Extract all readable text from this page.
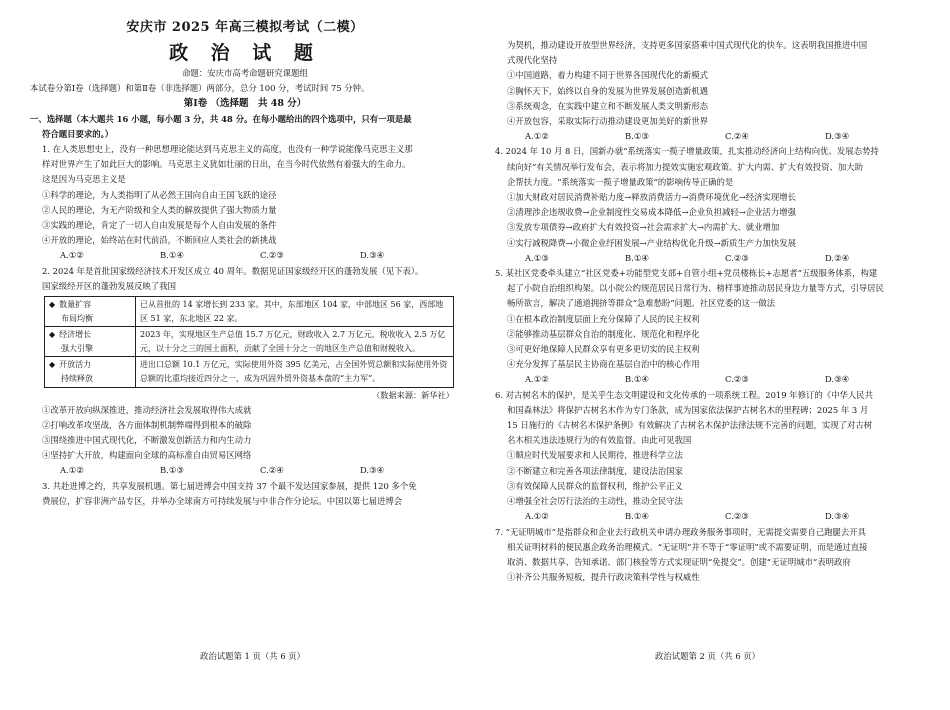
安庆市 2025 年高三模拟考试（二模）
政 治 试 题
命题：安庆市高考命题研究课题组
本试卷分第Ⅰ卷（选择题）和第Ⅱ卷（非选择题）两部分，总分 100 分，考试时间 75 分钟。
第Ⅰ卷 （选择题　共 48 分）
一、选择题（本大题共 16 小题，每小题 3 分，共 48 分。在每小题给出的四个选项中，只有一项是最
符合题目要求的。）
1. 在人类思想史上，没有一种思想理论能达到马克思主义的高度，也没有一种学说能像马克思主义那
样对世界产生了如此巨大的影响。马克思主义犹如壮丽的日出，在当今时代依然有着强大的生命力。
这是因为马克思主义是
①科学的理论，为人类指明了从必然王国向自由王国飞跃的途径
②人民的理论，为无产阶级和全人类的解放提供了强大物质力量
③实践的理论，肯定了一切人自由发展是每个人自由发展的条件
④开放的理论，始终站在时代前沿，不断回应人类社会的新挑战
A.①②	B.①④	C.②③	D.③④
2. 2024 年是首批国家级经济技术开发区成立 40 周年。数据见证国家级经开区的蓬勃发展（见下表）。
国家级经开区的蓬勃发展反映了我国
◆ 数量扩容
布局均衡	已从首批的 14 家增长到 233 家。其中，东部地区 104 家，中部地区 56 家，西部地区 51 家，东北地区 22 家。
◆ 经济增长
强大引擎	2023 年，实现地区生产总值 15.7 万亿元，财政收入 2.7 万亿元，税收收入 2.5 万亿元，以十分之三的国土面积，贡献了全国十分之一的地区生产总值和财税收入。
◆ 开放活力
持续释放	进出口总额 10.1 万亿元，实际使用外资 395 亿美元，占全国外贸总额和实际使用外资总额的比重均接近四分之一，成为巩固外贸外资基本盘的“主力军”。
（数据来源：新华社）
①改革开放向纵深推进，推动经济社会发展取得伟大成就
②打响改革攻坚战，各方面体制机制弊端得到根本的破除
③围绕推进中国式现代化，不断激发创新活力和内生动力
④坚持扩大开放，构建面向全球的高标准自由贸易区网络
A.①②	B.①③	C.②④	D.③④
3. 共赴进博之约，共享发展机遇。第七届进博会中国支持 37 个最不发达国家参展，提供 120 多个免
费展位，扩容非洲产品专区，并举办全球南方可持续发展与中非合作分论坛。中国以第七届进博会
为契机，推动建设开放型世界经济，支持更多国家搭乘中国式现代化的快车。这表明我国推进中国
式现代化坚持
①中国道路，着力构建不同于世界各国现代化的新模式
②胸怀天下，始终以自身的发展为世界发展创造新机遇
③系统观念，在实践中建立和不断发展人类文明新形态
④开放包容，采取实际行动推动建设更加美好的新世界
A.①②	B.①③	C.②④	D.③④
4. 2024 年 10 月 8 日，国新办就“系统落实一揽子增量政策，扎实推动经济向上结构向优、发展态势持
续向好”有关情况举行发布会，表示将加力提效实施宏观政策、扩大内需、扩大有效投资、加大助
企帮扶力度。“系统落实一揽子增量政策”的影响传导正确的是
①加大财政对居民消费补贴力度→释放消费活力→消费环境优化→经济实现增长
②清理涉企违规收费→企业制度性交易成本降低→企业负担减轻→企业活力增强
③发放专项债券→政府扩大有效投资→社会需求扩大→内需扩大、就业增加
④实行减税降费→小微企业纾困发展→产业结构优化升级→新质生产力加快发展
A.①③	B.①④	C.②③	D.②④
5. 某社区党委牵头建立“社区党委+功能型党支部+自管小组+党员楼栋长+志愿者”五级服务体系，构建
起了小院自治组织构架。以小院公约规范居民日常行为、榜样事迹推动居民身边力量等方式，引导居民
畅所欲言，解决了通道拥挤等群众“急难愁盼”问题。社区党委的这一做法
①在根本政治制度层面上充分保障了人民的民主权利
②能够推动基层群众自治的制度化、规范化和程序化
③可更好地保障人民群众享有更多更切实的民主权利
④充分发挥了基层民主协商在基层自治中的核心作用
A.①②	B.①④	C.②③	D.③④
6. 对古树名木的保护，是关乎生态文明建设和文化传承的一项系统工程。2019 年修订的《中华人民共
和国森林法》将保护古树名木作为专门条款，成为国家依法保护古树名木的里程碑；2025 年 3 月
15 日施行的《古树名木保护条例》有效解决了古树名木保护法律法规不完善的问题，实现了对古树
名木相关违法违规行为的有效监督。由此可见我国
①顺应时代发展要求和人民期待，推进科学立法
②不断建立和完善各项法律制度，建设法治国家
③有效保障人民群众的监督权利，维护公平正义
④增强全社会厉行法治的主动性，推动全民守法
A.①②	B.①④	C.②③	D.③④
7. “无证明城市”是指群众和企业去行政机关申请办理政务服务事项时，无需提交需要自己跑腿去开具
相关证明材料的便民惠企政务治理模式。“无证明”并不等于“零证明”或不需要证明，而是通过直接
取消、数据共享、告知承诺、部门核验等方式实现证明“免提交”。创建“无证明城市”表明政府
①补齐公共服务短板，提升行政决策科学性与权威性
政治试题第 1 页（共 6 页）	政治试题第 2 页（共 6 页）
